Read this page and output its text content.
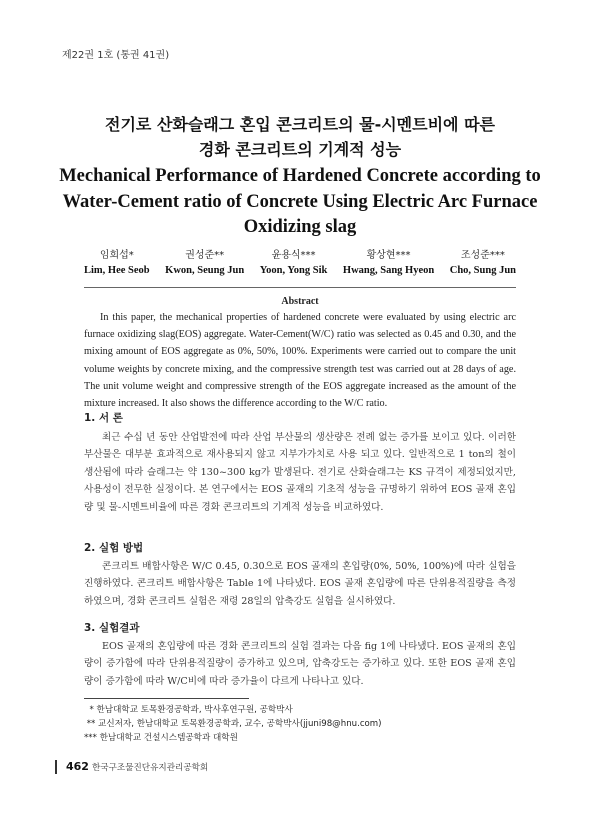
제22권 1호 (통권 41권)
전기로 산화슬래그 혼입 콘크리트의 물-시멘트비에 따른
경화 콘크리트의 기계적 성능
Mechanical Performance of Hardened Concrete according to
Water-Cement ratio of Concrete Using Electric Arc Furnace
Oxidizing slag
임희섭*
Lim, Hee Seob
권성준**
Kwon, Seung Jun
윤용식***
Yoon, Yong Sik
황상현***
Hwang, Sang Hyeon
조성준***
Cho, Sung Jun
Abstract
In this paper, the mechanical properties of hardened concrete were evaluated by using electric arc furnace oxidizing slag(EOS) aggregate. Water-Cement(W/C) ratio was selected as 0.45 and 0.30, and the mixing amount of EOS aggregate as 0%, 50%, 100%. Experiments were carried out to compare the unit volume weights by concrete mixing, and the compressive strength test was carried out at 28 days of age. The unit volume weight and compressive strength of the EOS aggregate increased as the amount of the mixture increased. It also shows the difference according to the W/C ratio.
1. 서 론
최근 수십 년 동안 산업발전에 따라 산업 부산물의 생산량은 전례 없는 증가를 보이고 있다. 이러한 부산물은 대부분 효과적으로 재사용되지 않고 지부가가치로 사용 되고 있다. 일반적으로 1 ton의 철이 생산됨에 따라 슬래그는 약 130~300 kg가 발생된다. 전기로 산화슬래그는 KS 규격이 제정되었지만, 사용성이 전무한 실정이다. 본 연구에서는 EOS 골재의 기초적 성능을 규명하기 위하여 EOS 골재 혼입량 및 물-시멘트비율에 따른 경화 콘크리트의 기계적 성능을 비교하였다.
2. 실험 방법
콘크리트 배합사항은 W/C 0.45, 0.30으로 EOS 골재의 혼입량(0%, 50%, 100%)에 따라 실험을 진행하였다. 콘크리트 배합사항은 Table 1에 나타냈다. EOS 골재 혼입량에 따른 단위용적질량을 측정하였으며, 경화 콘크리트 실험은 재령 28일의 압축강도 실험을 실시하였다.
3. 실험결과
EOS 골재의 혼입량에 따른 경화 콘크리트의 실험 결과는 다음 fig 1에 나타냈다. EOS 골재의 혼입량이 증가함에 따라 단위용적질량이 증가하고 있으며, 압축강도는 증가하고 있다. 또한 EOS 골재 혼입량이 증가함에 따라 W/C비에 따라 증가율이 다르게 나타나고 있다.
* 한남대학교 토목환경공학과, 박사후연구원, 공학박사
** 교신저자, 한남대학교 토목환경공학과, 교수, 공학박사(jjuni98@hnu.com)
*** 한남대학교 건설시스템공학과 대학원
462 한국구조물진단유지관리공학회
